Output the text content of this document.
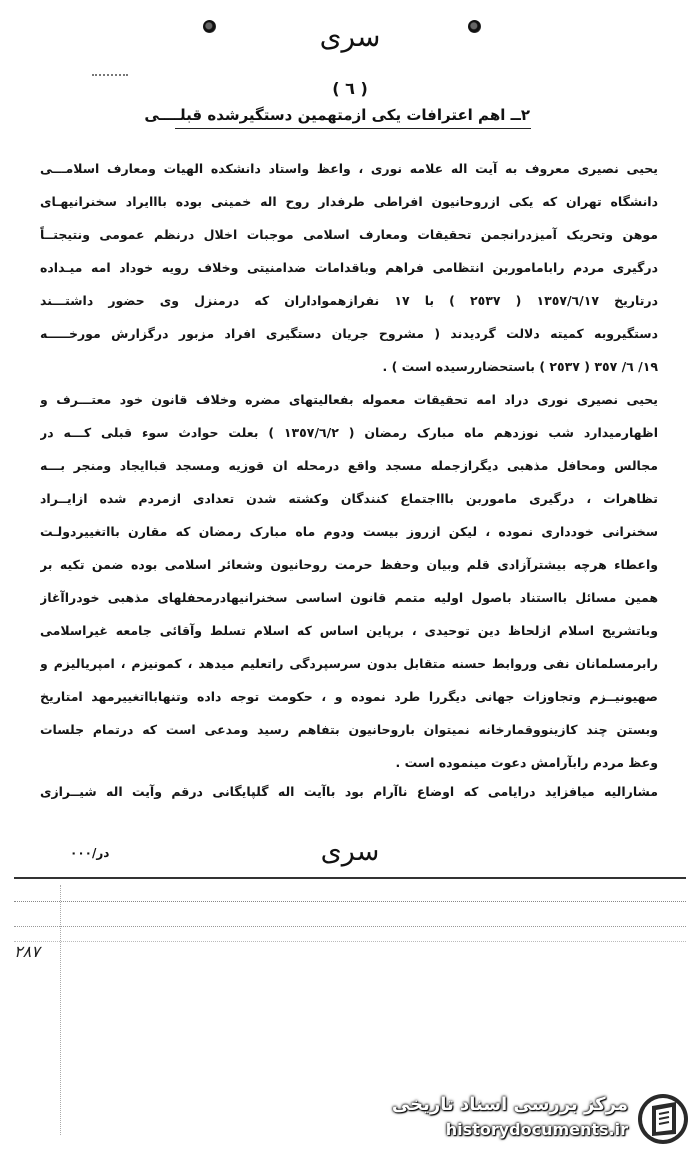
سری
( ٦ )
٢ــ اهم اعترافات یکی ازمتهمین دستگیرشده قبلــــی
یحیی نصیری معروف به آیت اله علامه نوری ، واعظ واستاد دانشکده الهیات ومعارف اسلامـــی
دانشگاه تهران که یکی ازروحانیون افراطی طرفدار روح اله خمینی بوده بااایراد سخنرانیهـای
موهن وتحریک آمیزدرانجمن تحقیقات ومعارف اسلامی موجبات اخلال درنظم عمومی ونتیجتــاً
درگیری مردم راباماموربن انتظامی فراهم وباقدامات ضدامنیتی وخلاف رویه خوداد امه میـداده
درتاریخ ١٣٥٧/٦/١٧ ( ٢٥٣٧ ) با ١٧ نفرازهمواداران که درمنزل وی حضور داشتـــند
دستگیروبه کمیته دلالت گردیدند ( مشروح جریان دستگیری افراد مزبور درگزارش مورخـــــه
١٩/ ٦/ ٣٥٧ ( ٢٥٣٧ ) باستحضاررسیده است ) .
یحیی نصیری نوری دراد امه تحقیقات معموله بفعالیتهای مضره وخلاف قانون خود معتـــرف و
اظهارمیدارد شب نوزدهم ماه مبارک رمضان ( ١٣٥٧/٦/٢ ) بعلت حوادث سوء قبلی کـــه در
مجالس ومحافل مذهبی دیگرازجمله مسجد واقع درمحله ان قوزیه ومسجد قباایجاد ومنجر بـــه
تظاهرات ، درگیری ماموربن باااجتماع کنندگان وکشته شدن تعدادی ازمردم شده ازایــراد
سخنرانی خودداری نموده ، لیکن ازروز بیست ودوم ماه مبارک رمضان که مقارن بااتغییردولـت
واعطاء هرچه بیشترآزادی قلم وبیان وحفظ حرمت روحانیون وشعائر اسلامی بوده ضمن تکیه بر
همین مسائل بااستناد باصول اولیه متمم قانون اساسی سخنرانیهادرمحفلهای مذهبی خودراآغاز
وباتشریح اسلام ازلحاظ دین توحیدی ، برپاین اساس که اسلام تسلط وآقائی جامعه غیراسلامی
رابرمسلمانان نفی وروابط حسنه متقابل بدون سرسپردگی راتعلیم میدهد ، کمونیزم ، امپریالیزم و
صهیونیــزم وتجاوزات جهانی دیگررا طرد نموده و ، حکومت توجه داده وتنهابااتغییرمهد امتاریخ
وبستن چند کازینووقمارخانه نمیتوان باروحانیون بتفاهم رسید ومدعی است که درتمام جلسات
وعظ مردم رابآرامش دعوت مینموده است .
مشارالیه میافزاید درایامی که اوضاع ناآرام بود باآیت اله گلپایگانی درقم وآیت اله شیــرازی
سری
در/٠٠٠
۲۸۷
مرکز بررسی اسناد تاریخی
historydocuments.ir
